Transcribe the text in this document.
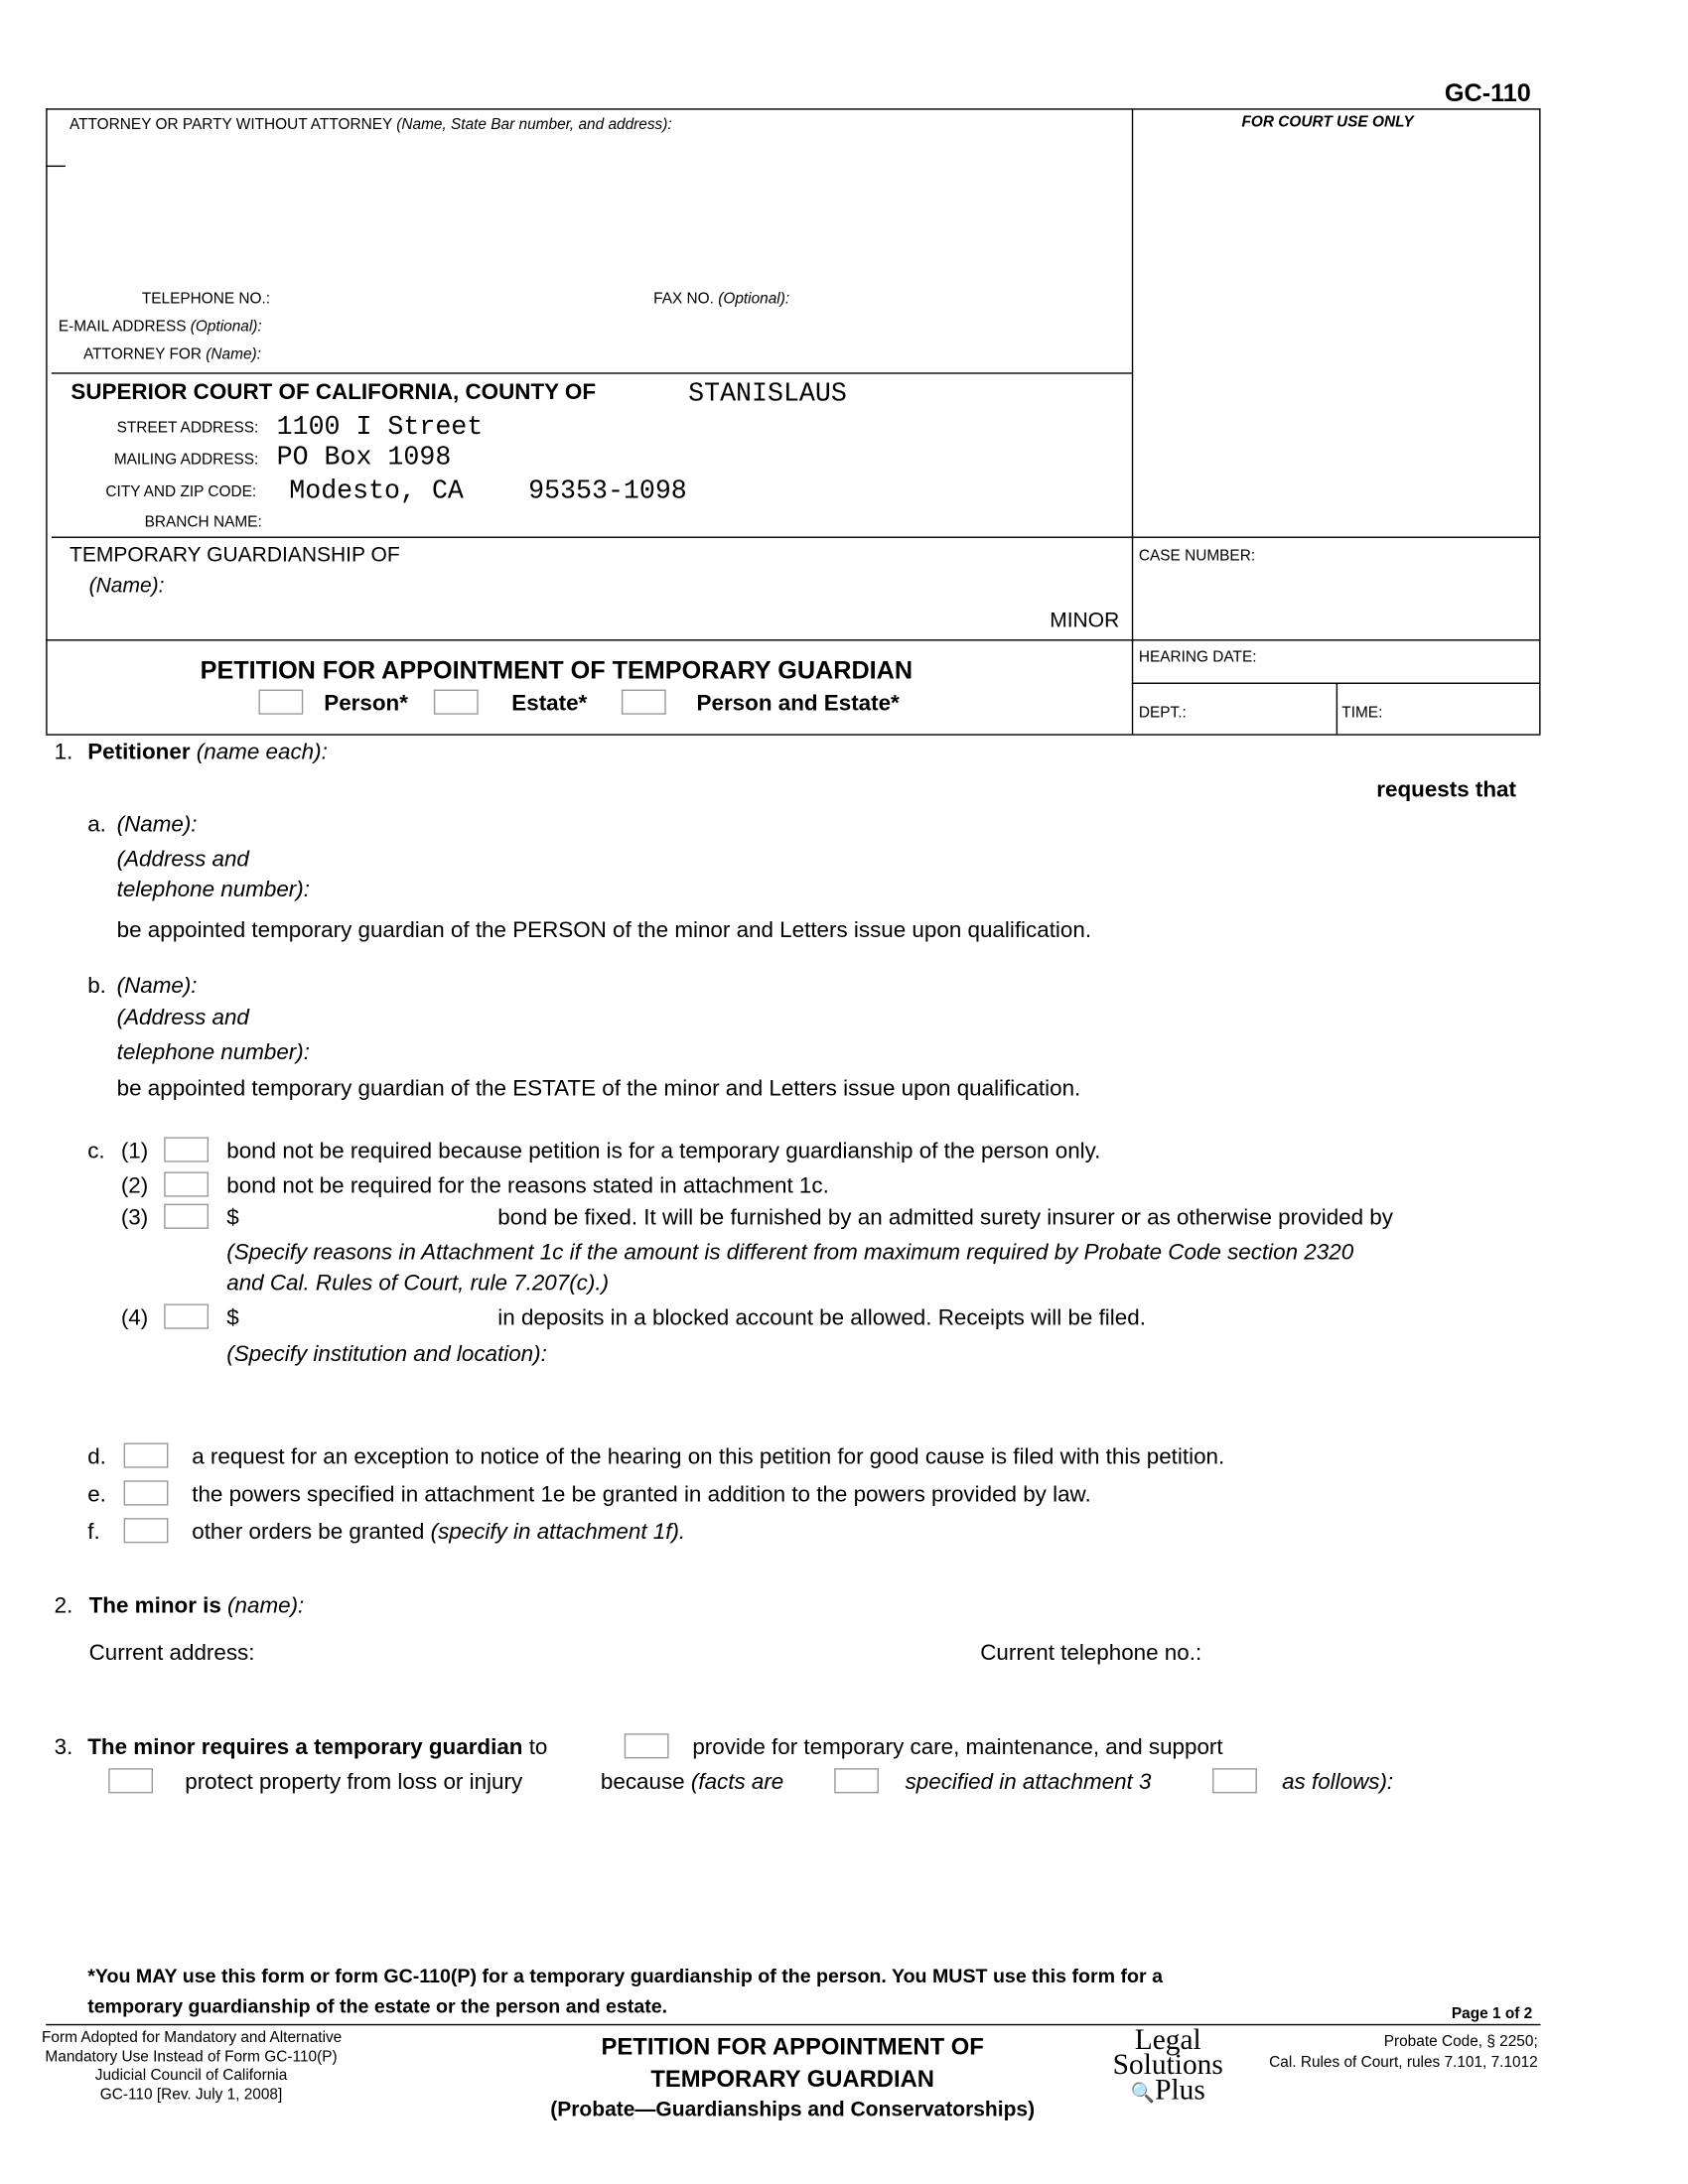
GC-110
ATTORNEY OR PARTY WITHOUT ATTORNEY (Name, State Bar number, and address):	FOR COURT USE ONLY
TELEPHONE NO.:	FAX NO. (Optional):
E-MAIL ADDRESS (Optional):
ATTORNEY FOR (Name):
SUPERIOR COURT OF CALIFORNIA, COUNTY OF	STANISLAUS
STREET ADDRESS: 1100 I Street
MAILING ADDRESS: PO Box 1098
CITY AND ZIP CODE: Modesto, CA	95353-1098
BRANCH NAME:
TEMPORARY GUARDIANSHIP OF
(Name):
MINOR
CASE NUMBER:
HEARING DATE:
DEPT.:	TIME:
PETITION FOR APPOINTMENT OF TEMPORARY GUARDIAN
Person*	Estate*	Person and Estate*
1. Petitioner (name each):
requests that
a. (Name):
(Address and
telephone number):
be appointed temporary guardian of the PERSON of the minor and Letters issue upon qualification.
b. (Name):
(Address and
telephone number):
be appointed temporary guardian of the ESTATE of the minor and Letters issue upon qualification.
c. (1)	bond not be required because petition is for a temporary guardianship of the person only.
(2)	bond not be required for the reasons stated in attachment 1c.
(3)	$	bond be fixed. It will be furnished by an admitted surety insurer or as otherwise provided by
(Specify reasons in Attachment 1c if the amount is different from maximum required by Probate Code section 2320
and Cal. Rules of Court, rule 7.207(c).)
(4)	$	in deposits in a blocked account be allowed. Receipts will be filed.
(Specify institution and location):
d.	a request for an exception to notice of the hearing on this petition for good cause is filed with this petition.
e.	the powers specified in attachment 1e be granted in addition to the powers provided by law.
f.	other orders be granted (specify in attachment 1f).
2. The minor is (name):
Current address:	Current telephone no.:
3. The minor requires a temporary guardian to	provide for temporary care, maintenance, and support
protect property from loss or injury	because (facts are	specified in attachment 3	as follows):
*You MAY use this form or form GC-110(P) for a temporary guardianship of the person. You MUST use this form for a
temporary guardianship of the estate or the person and estate.	Page 1 of 2
Form Adopted for Mandatory and Alternative
Mandatory Use Instead of Form GC-110(P)
Judicial Council of California
GC-110 [Rev. July 1, 2008]
PETITION FOR APPOINTMENT OF
TEMPORARY GUARDIAN
(Probate—Guardianships and Conservatorships)
Legal
Solutions
🔍Plus
Probate Code, § 2250;
Cal. Rules of Court, rules 7.101, 7.1012
